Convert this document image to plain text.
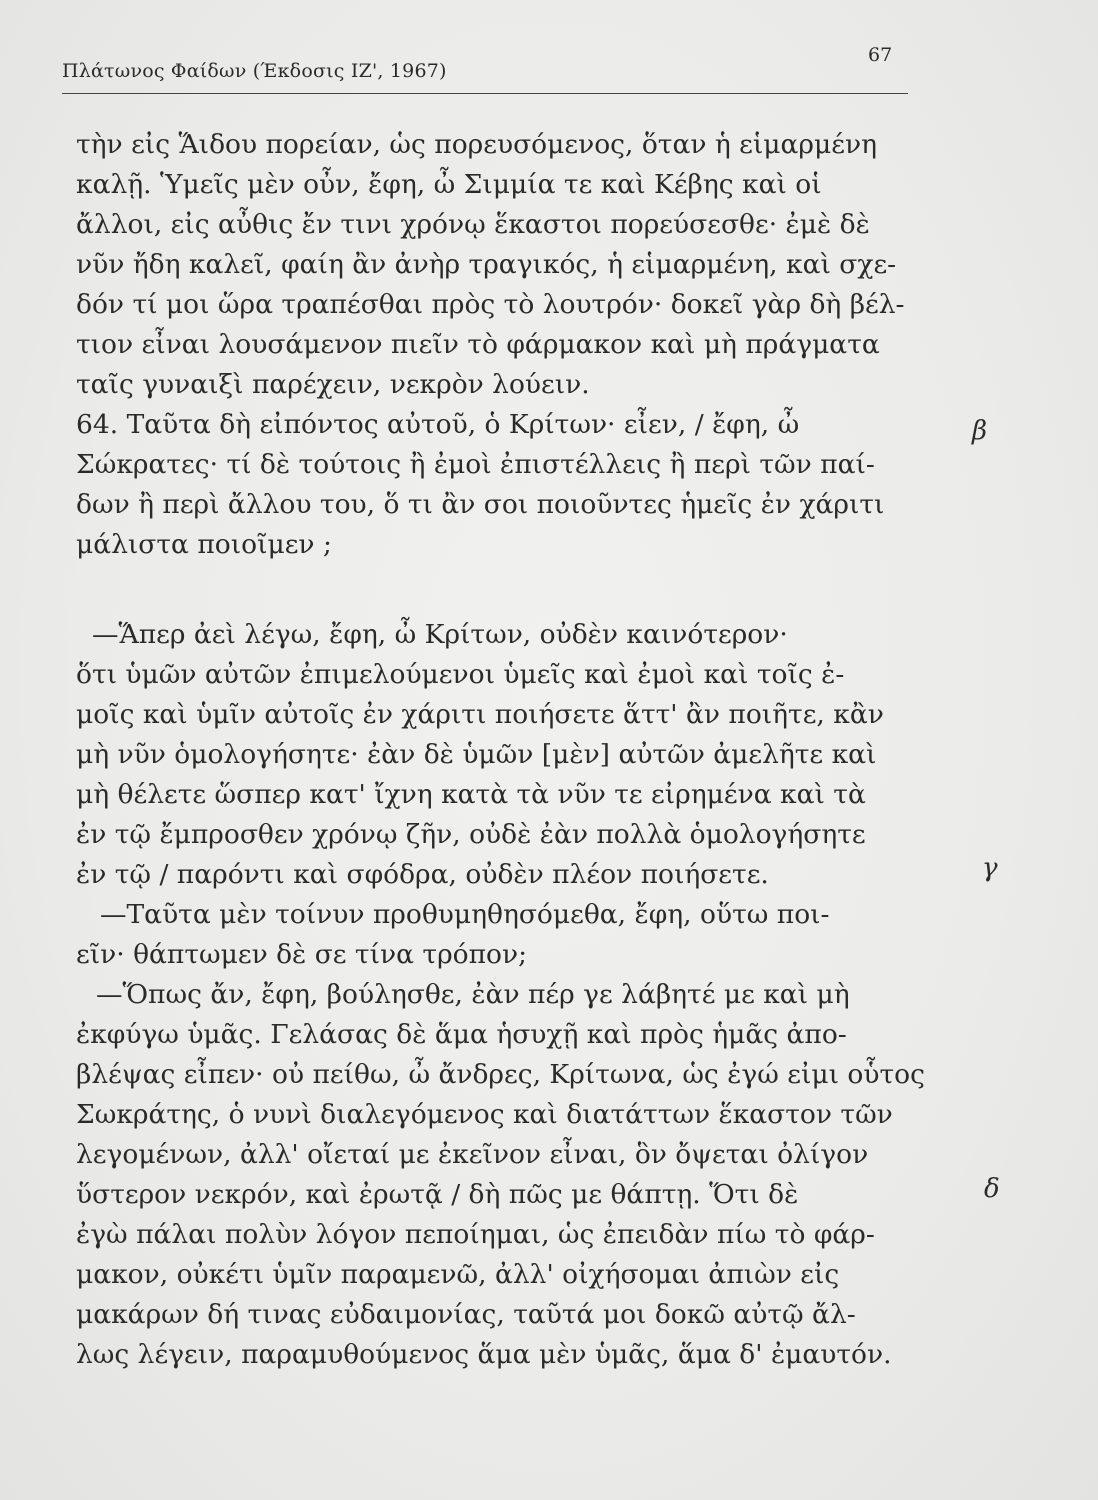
Πλάτωνος Φαίδων (Έκδοσις ΙΖ', 1967)
67
τὴν εἰς Ἅιδου πορείαν, ὡς πορευσόμενος, ὅταν ἡ εἱμαρμένη
καλῇ. Ὑμεῖς μὲν οὖν, ἔφη, ὦ Σιμμία τε καὶ Κέβης καὶ οἱ
ἄλλοι, εἰς αὖθις ἔν τινι χρόνῳ ἕκαστοι πορεύσεσθε· ἐμὲ δὲ
νῦν ἤδη καλεῖ, φαίη ἂν ἀνὴρ τραγικός, ἡ εἱμαρμένη, καὶ σχε-
δόν τί μοι ὥρα τραπέσθαι πρὸς τὸ λουτρόν· δοκεῖ γὰρ δὴ βέλ-
τιον εἶναι λουσάμενον πιεῖν τὸ φάρμακον καὶ μὴ πράγματα
ταῖς γυναιξὶ παρέχειν, νεκρὸν λούειν.
64. Ταῦτα δὴ εἰπόντος αὐτοῦ, ὁ Κρίτων· εἶεν, / ἔφη, ὦ
Σώκρατες· τί δὲ τούτοις ἢ ἐμοὶ ἐπιστέλλεις ἢ περὶ τῶν παί-
δων ἢ περὶ ἄλλου του, ὅ τι ἂν σοι ποιοῦντες ἡμεῖς ἐν χάριτι
μάλιστα ποιοῖμεν ;
—Ἅπερ ἀεὶ λέγω, ἔφη, ὦ Κρίτων, οὐδὲν καινότερον·
ὅτι ὑμῶν αὐτῶν ἐπιμελούμενοι ὑμεῖς καὶ ἐμοὶ καὶ τοῖς ἐ-
μοῖς καὶ ὑμῖν αὐτοῖς ἐν χάριτι ποιήσετε ἅττ' ἂν ποιῆτε, κἂν
μὴ νῦν ὁμολογήσητε· ἐὰν δὲ ὑμῶν [μὲν] αὐτῶν ἀμελῆτε καὶ
μὴ θέλετε ὥσπερ κατ' ἴχνη κατὰ τὰ νῦν τε εἰρημένα καὶ τὰ
ἐν τῷ ἔμπροσθεν χρόνῳ ζῆν, οὐδὲ ἐὰν πολλὰ ὁμολογήσητε
ἐν τῷ / παρόντι καὶ σφόδρα, οὐδὲν πλέον ποιήσετε.
—Ταῦτα μὲν τοίνυν προθυμηθησόμεθα, ἔφη, οὕτω ποι-
εῖν· θάπτωμεν δὲ σε τίνα τρόπον;
—Ὅπως ἄν, ἔφη, βούλησθε, ἐὰν πέρ γε λάβητέ με καὶ μὴ
ἐκφύγω ὑμᾶς. Γελάσας δὲ ἅμα ἡσυχῇ καὶ πρὸς ἡμᾶς ἀπο-
βλέψας εἶπεν· οὐ πείθω, ὦ ἄνδρες, Κρίτωνα, ὡς ἐγώ εἰμι οὗτος
Σωκράτης, ὁ νυνὶ διαλεγόμενος καὶ διατάττων ἕκαστον τῶν
λεγομένων, ἀλλ' οἴεταί με ἐκεῖνον εἶναι, ὃν ὄψεται ὀλίγον
ὕστερον νεκρόν, καὶ ἐρωτᾷ / δὴ πῶς με θάπτῃ. Ὅτι δὲ
ἐγὼ πάλαι πολὺν λόγον πεποίημαι, ὡς ἐπειδὰν πίω τὸ φάρ-
μακον, οὐκέτι ὑμῖν παραμενῶ, ἀλλ' οἰχήσομαι ἀπιὼν εἰς
μακάρων δή τινας εὐδαιμονίας, ταῦτά μοι δοκῶ αὐτῷ ἄλ-
λως λέγειν, παραμυθούμενος ἅμα μὲν ὑμᾶς, ἅμα δ' ἐμαυτόν.
β
γ
δ
